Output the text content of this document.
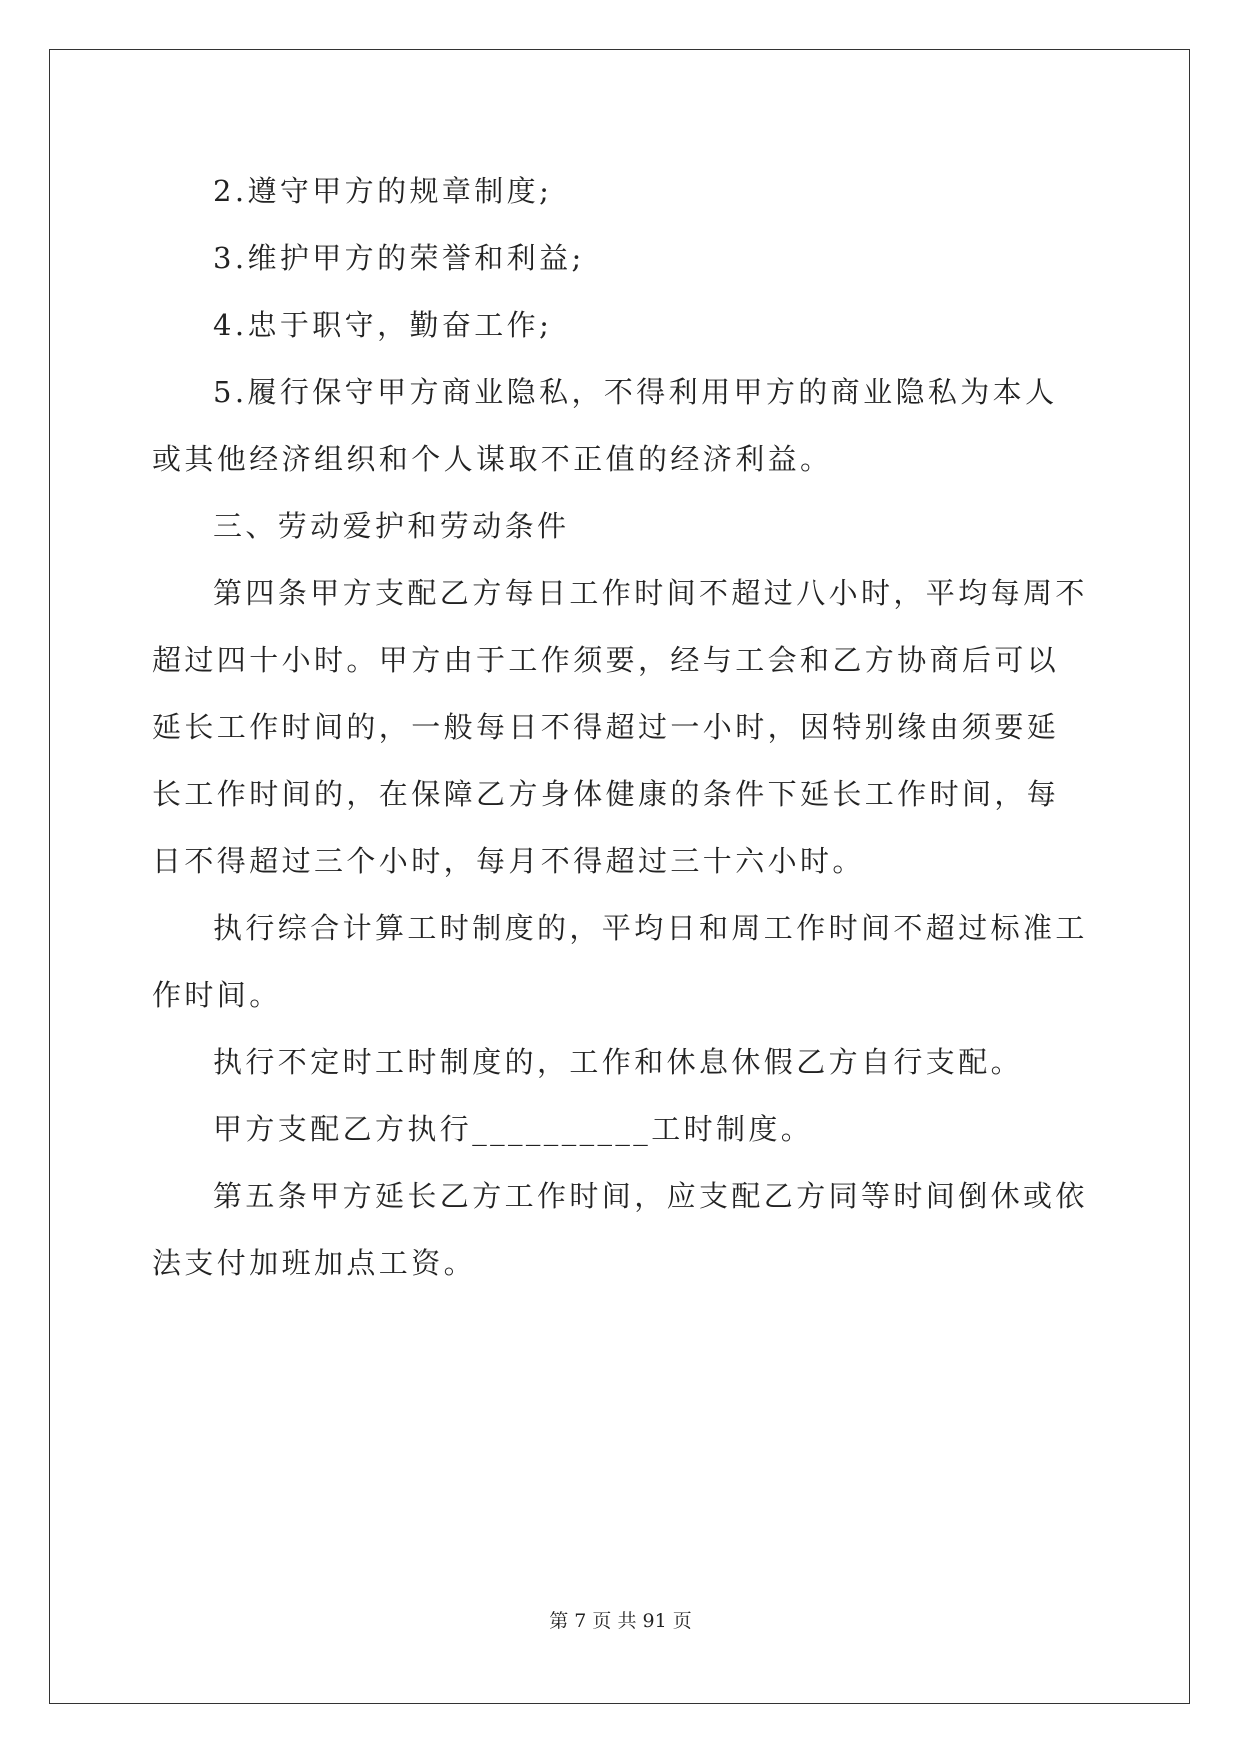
2.遵守甲方的规章制度;

3.维护甲方的荣誉和利益;

4.忠于职守，勤奋工作;

5.履行保守甲方商业隐私，不得利用甲方的商业隐私为本人或其他经济组织和个人谋取不正值的经济利益。

三、劳动爱护和劳动条件

第四条甲方支配乙方每日工作时间不超过八小时，平均每周不超过四十小时。甲方由于工作须要，经与工会和乙方协商后可以延长工作时间的，一般每日不得超过一小时，因特别缘由须要延长工作时间的，在保障乙方身体健康的条件下延长工作时间，每日不得超过三个小时，每月不得超过三十六小时。

执行综合计算工时制度的，平均日和周工作时间不超过标准工作时间。

执行不定时工时制度的，工作和休息休假乙方自行支配。

甲方支配乙方执行__________工时制度。

第五条甲方延长乙方工作时间，应支配乙方同等时间倒休或依法支付加班加点工资。

第 7 页 共 91 页
